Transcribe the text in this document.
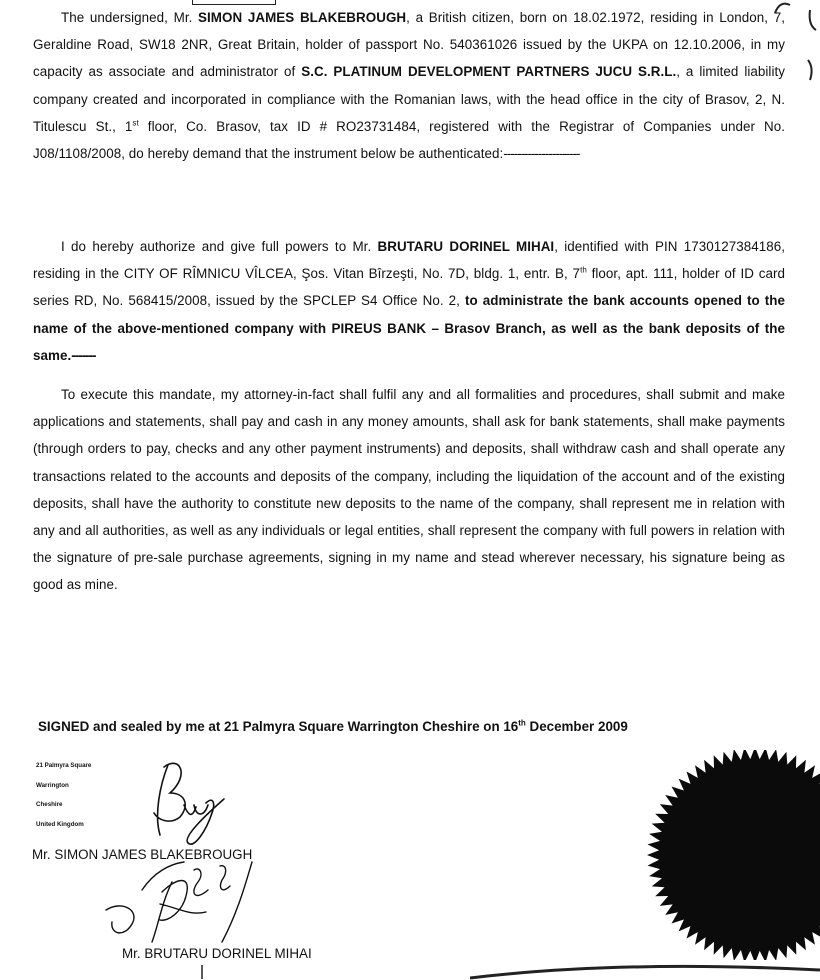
The undersigned, Mr. SIMON JAMES BLAKEBROUGH, a British citizen, born on 18.02.1972, residing in London, 7, Geraldine Road, SW18 2NR, Great Britain, holder of passport No. 540361026 issued by the UKPA on 12.10.2006, in my capacity as associate and administrator of S.C. PLATINUM DEVELOPMENT PARTNERS JUCU S.R.L., a limited liability company created and incorporated in compliance with the Romanian laws, with the head office in the city of Brasov, 2, N. Titulescu St., 1st floor, Co. Brasov, tax ID # RO23731484, registered with the Registrar of Companies under No. J08/1108/2008, do hereby demand that the instrument below be authenticated:----------------------
I do hereby authorize and give full powers to Mr. BRUTARU DORINEL MIHAI, identified with PIN 1730127384186, residing in the CITY OF RÎMNICU VÎLCEA, Şos. Vitan Bîrzeşti, No. 7D, bldg. 1, entr. B, 7th floor, apt. 111, holder of ID card series RD, No. 568415/2008, issued by the SPCLEP S4 Office No. 2, to administrate the bank accounts opened to the name of the above-mentioned company with PIREUS BANK – Brasov Branch, as well as the bank deposits of the same.-------
To execute this mandate, my attorney-in-fact shall fulfil any and all formalities and procedures, shall submit and make applications and statements, shall pay and cash in any money amounts, shall ask for bank statements, shall make payments (through orders to pay, checks and any other payment instruments) and deposits, shall withdraw cash and shall operate any transactions related to the accounts and deposits of the company, including the liquidation of the account and of the existing deposits, shall have the authority to constitute new deposits to the name of the company, shall represent me in relation with any and all authorities, as well as any individuals or legal entities, shall represent the company with full powers in relation with the signature of pre-sale purchase agreements, signing in my name and stead wherever necessary, his signature being as good as mine.
SIGNED and sealed by me at 21 Palmyra Square Warrington Cheshire on 16th December 2009
21 Palmyra Square
Warrington
Cheshire
United Kingdom
Mr. SIMON JAMES BLAKEBROUGH
Mr. BRUTARU DORINEL MIHAI
